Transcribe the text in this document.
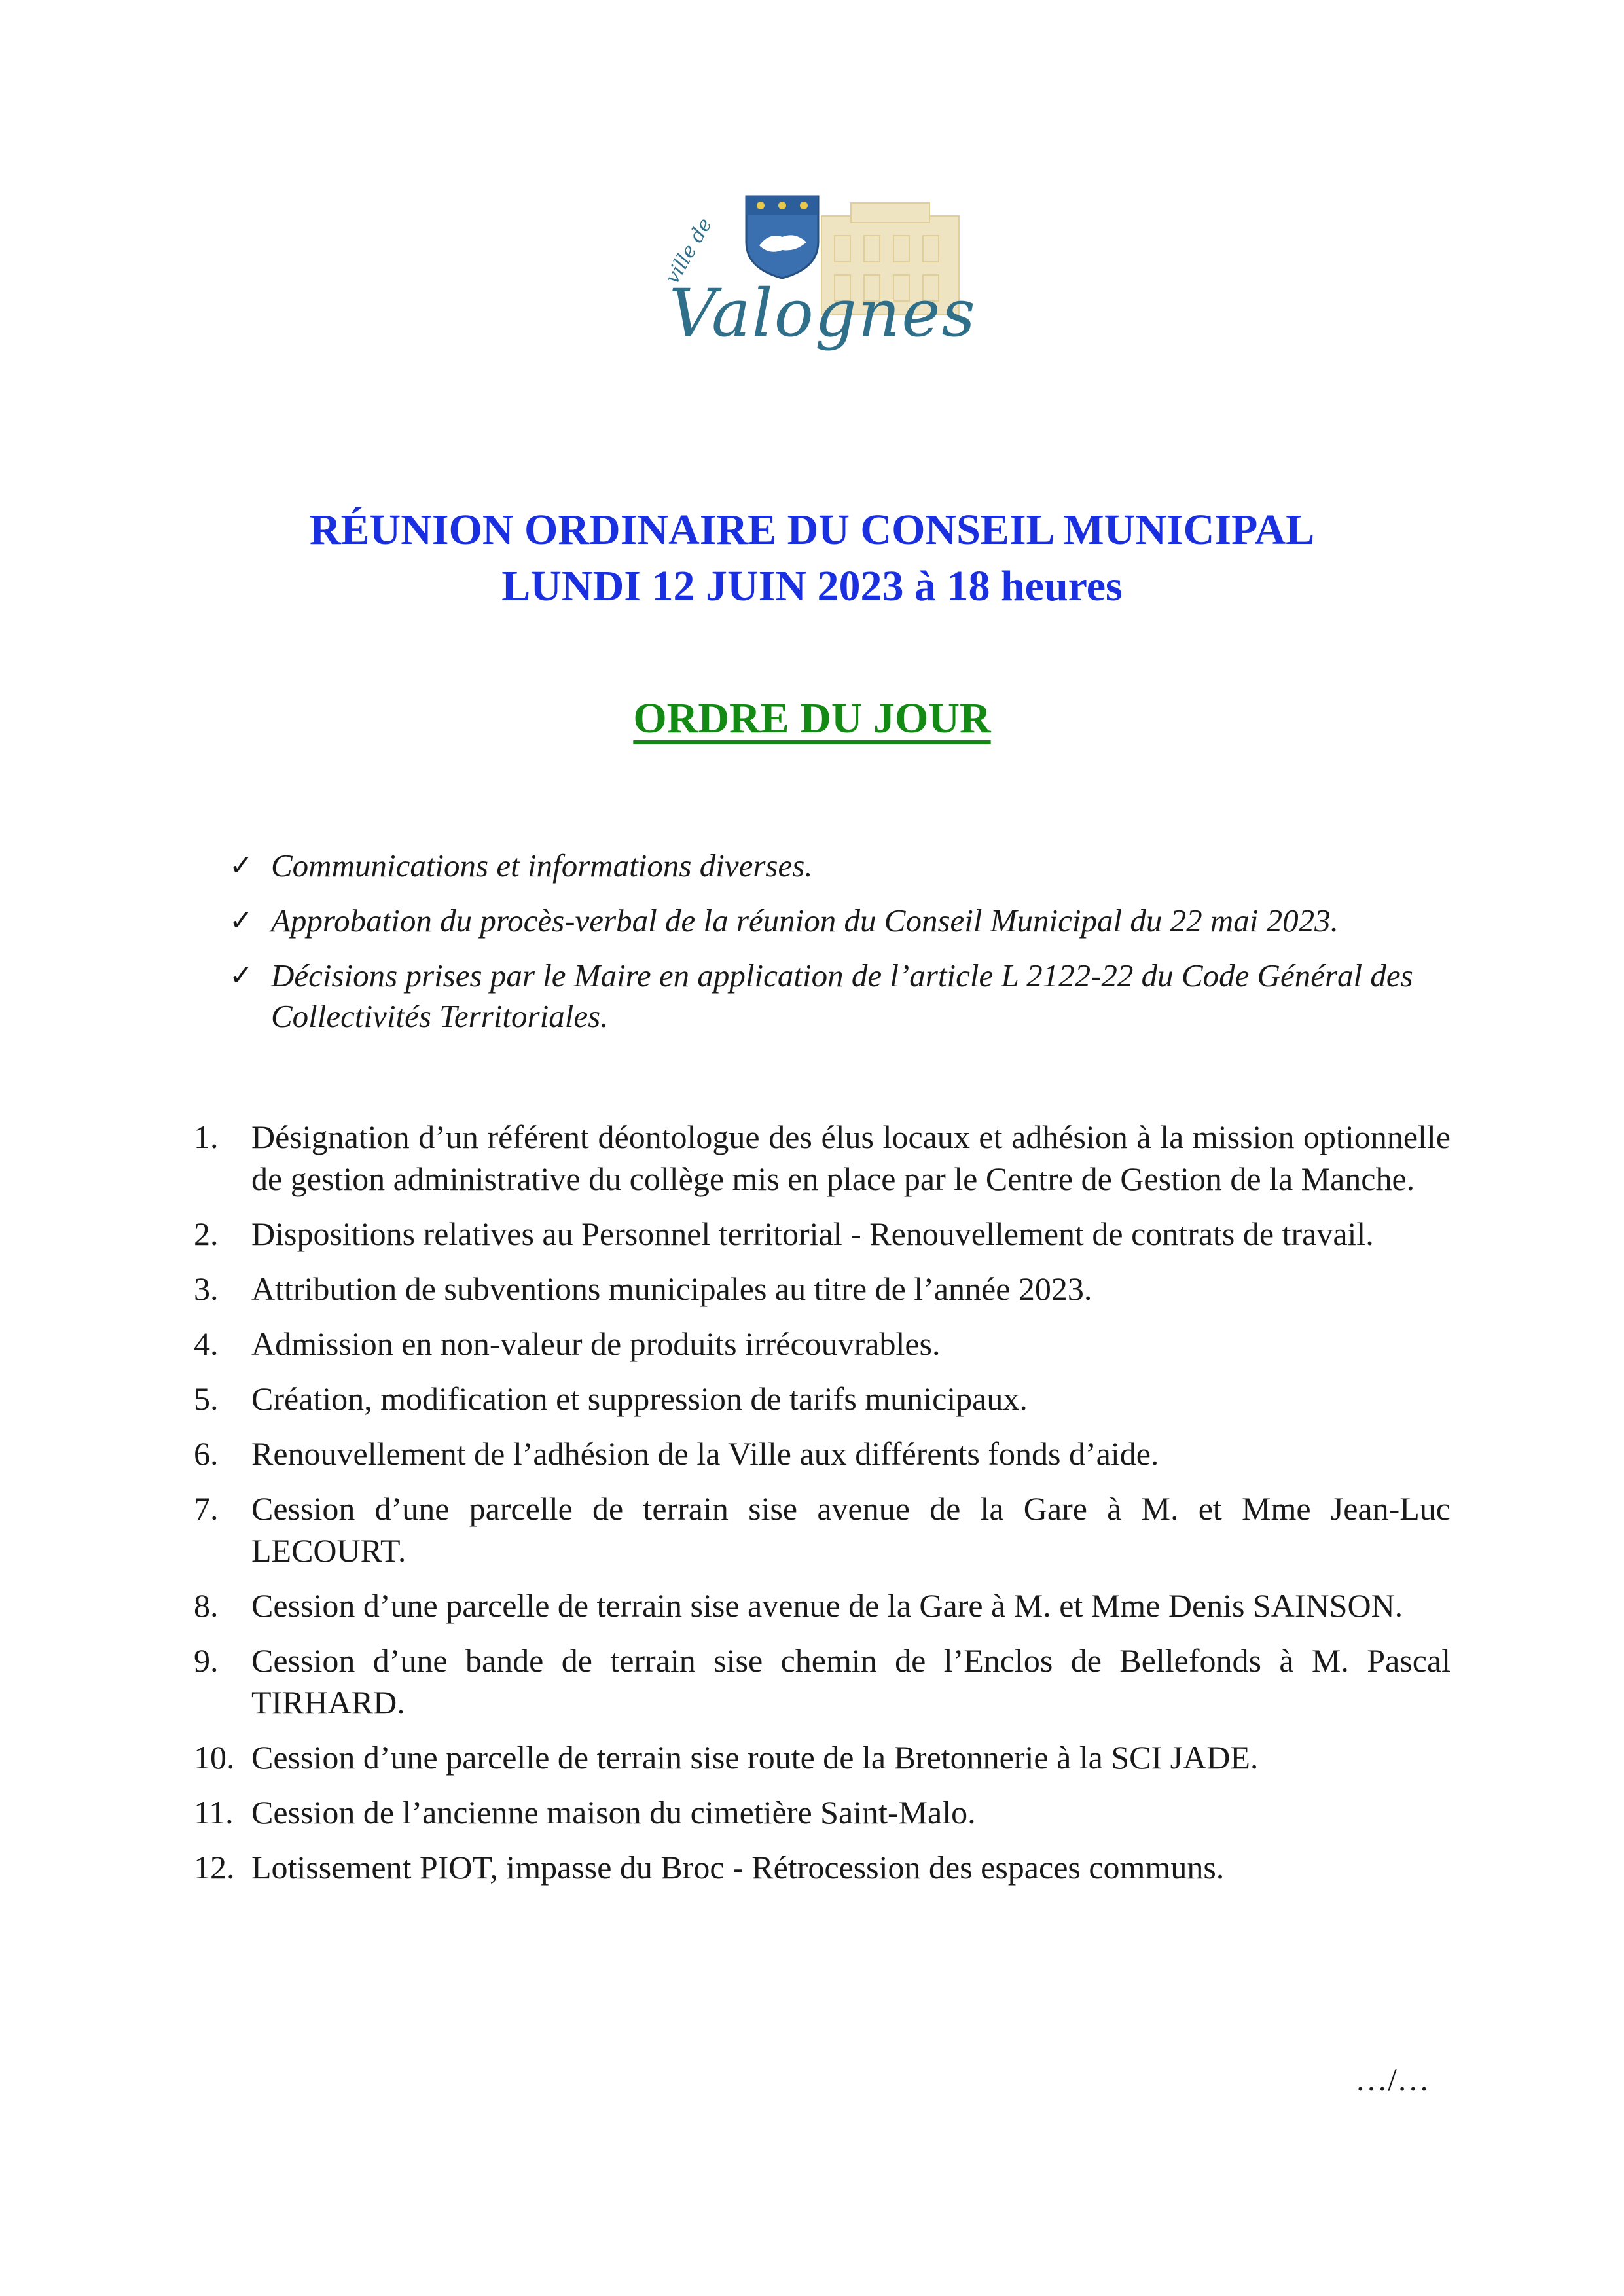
ville de
Valognes
RÉUNION ORDINAIRE DU CONSEIL MUNICIPAL
LUNDI 12 JUIN 2023 à 18 heures
ORDRE DU JOUR
✓ Communications et informations diverses.
✓ Approbation du procès-verbal de la réunion du Conseil Municipal du 22 mai 2023.
✓ Décisions prises par le Maire en application de l’article L 2122-22 du Code Général des Collectivités Territoriales.
1. Désignation d’un référent déontologue des élus locaux et adhésion à la mission optionnelle de gestion administrative du collège mis en place par le Centre de Gestion de la Manche.
2. Dispositions relatives au Personnel territorial - Renouvellement de contrats de travail.
3. Attribution de subventions municipales au titre de l’année 2023.
4. Admission en non-valeur de produits irrécouvrables.
5. Création, modification et suppression de tarifs municipaux.
6. Renouvellement de l’adhésion de la Ville aux différents fonds d’aide.
7. Cession d’une parcelle de terrain sise avenue de la Gare à M. et Mme Jean-Luc LECOURT.
8. Cession d’une parcelle de terrain sise avenue de la Gare à M. et Mme Denis SAINSON.
9. Cession d’une bande de terrain sise chemin de l’Enclos de Bellefonds à M. Pascal TIRHARD.
10. Cession d’une parcelle de terrain sise route de la Bretonnerie à la SCI JADE.
11. Cession de l’ancienne maison du cimetière Saint-Malo.
12. Lotissement PIOT, impasse du Broc - Rétrocession des espaces communs.
…/…
